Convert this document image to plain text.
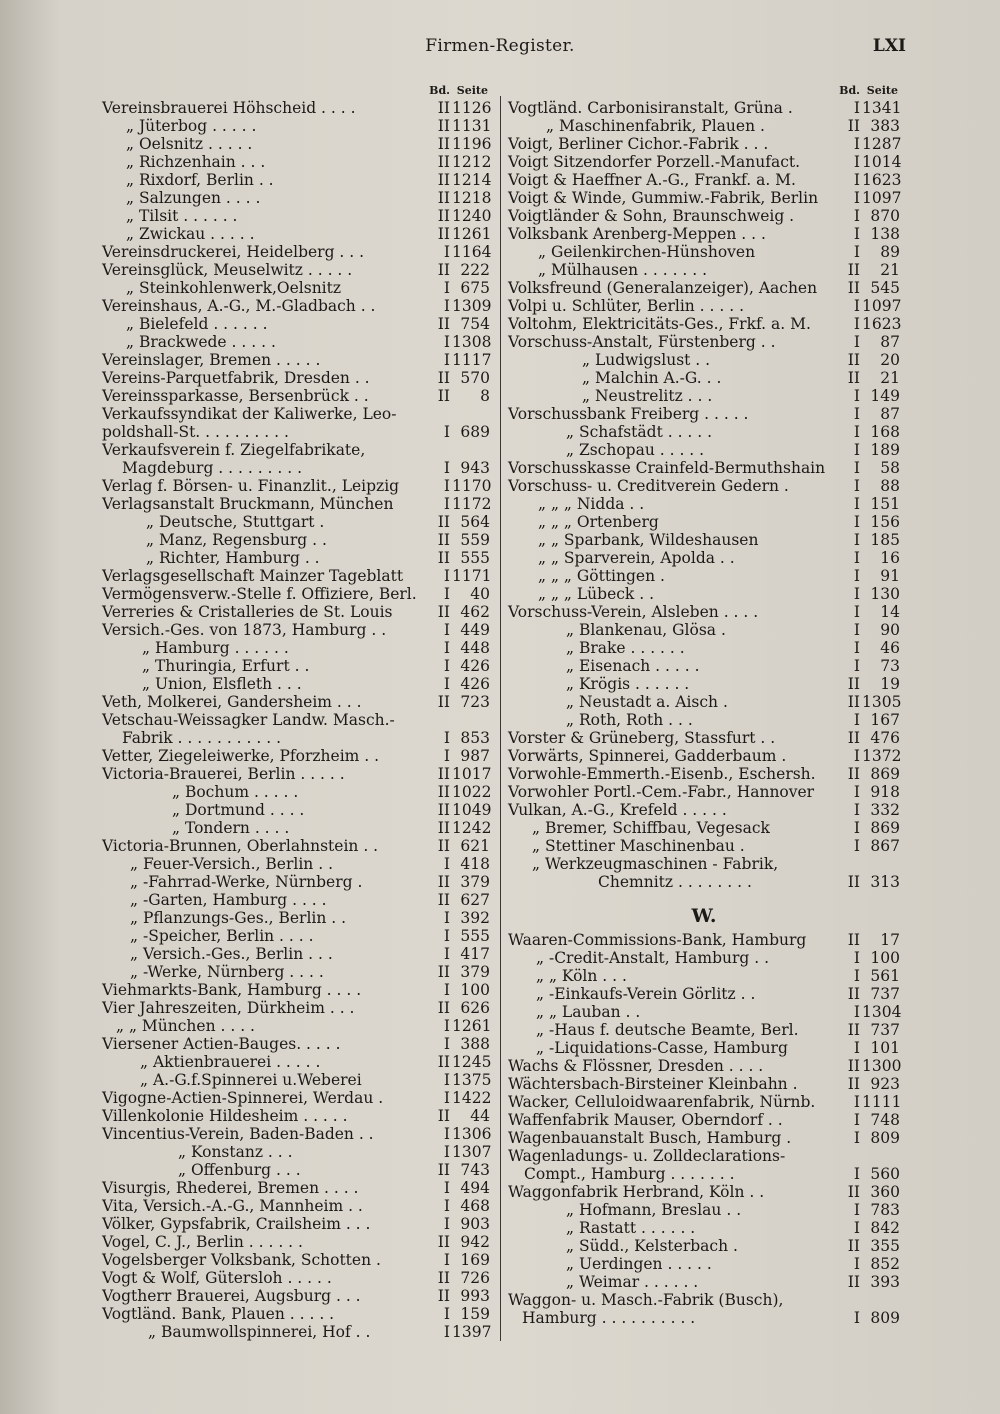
Firmen-Register.	LXI
Bd. Seite
Vereinsbrauerei Höhscheid . . . .	II 1126
„ Jüterbog . . . . .	II 1131
„ Oelsnitz . . . . .	II 1196
„ Richzenhain . . .	II 1212
„ Rixdorf, Berlin . .	II 1214
„ Salzungen . . . .	II 1218
„ Tilsit . . . . . .	II 1240
„ Zwickau . . . . .	II 1261
Vereinsdruckerei, Heidelberg . . .	I 1164
Vereinsglück, Meuselwitz . . . . .	II 222
„ Steinkohlenwerk,Oelsnitz	I 675
Vereinshaus, A.-G., M.-Gladbach . .	I 1309
„ Bielefeld . . . . . .	II 754
„ Brackwede . . . . .	I 1308
Vereinslager, Bremen . . . . .	I 1117
Vereins-Parquetfabrik, Dresden . .	II 570
Vereinssparkasse, Bersenbrück . .	II	8
Verkaufssyndikat der Kaliwerke, Leo-
poldshall-St. . . . . . . . . .	I 689
Verkaufsverein f. Ziegelfabrikate,
Magdeburg . . . . . . . . .	I 943
Verlag f. Börsen- u. Finanzlit., Leipzig	I 1170
Verlagsanstalt Bruckmann, München	I 1172
„ Deutsche, Stuttgart .	II 564
„ Manz, Regensburg . .	II 559
„ Richter, Hamburg . .	II 555
Verlagsgesellschaft Mainzer Tageblatt	I 1171
Vermögensverw.-Stelle f. Offiziere, Berl. I	40
Verreries & Cristalleries de St. Louis	II 462
Versich.-Ges. von 1873, Hamburg . .	I 449
„ Hamburg . . . . . .	I 448
„ Thuringia, Erfurt . .	I 426
„ Union, Elsfleth . . .	I 426
Veth, Molkerei, Gandersheim . . .	II 723
Vetschau-Weissagker Landw. Masch.-
Fabrik . . . . . . . . . . .	I 853
Vetter, Ziegeleiwerke, Pforzheim . .	I 987
Victoria-Brauerei, Berlin . . . . .	II 1017
„ Bochum . . . . .	II 1022
„ Dortmund . . . .	II 1049
„ Tondern . . . .	II 1242
Victoria-Brunnen, Oberlahnstein . .	II 621
„ Feuer-Versich., Berlin . .	I 418
„ -Fahrrad-Werke, Nürnberg .	II 379
„ -Garten, Hamburg . . . .	II 627
„ Pflanzungs-Ges., Berlin . .	I 392
„ -Speicher, Berlin . . . .	I 555
„ Versich.-Ges., Berlin . . .	I 417
„ -Werke, Nürnberg . . . .	II 379
Viehmarkts-Bank, Hamburg . . . .	I 100
Vier Jahreszeiten, Dürkheim . . .	II 626
„ „ München . . . .	I 1261
Viersener Actien-Bauges. . . . .	I 388
„ Aktienbrauerei . . . . .	II 1245
„ A.-G.f.Spinnerei u.Weberei	I 1375
Vigogne-Actien-Spinnerei, Werdau .	I 1422
Villenkolonie Hildesheim . . . . .	II	44
Vincentius-Verein, Baden-Baden . .	I 1306
„ Konstanz . . .	I 1307
„ Offenburg . . .	II 743
Visurgis, Rhederei, Bremen . . . .	I 494
Vita, Versich.-A.-G., Mannheim . .	I 468
Völker, Gypsfabrik, Crailsheim . . .	I 903
Vogel, C. J., Berlin . . . . . .	II 942
Vogelsberger Volksbank, Schotten .	I 169
Vogt & Wolf, Gütersloh . . . . .	II 726
Vogtherr Brauerei, Augsburg . . .	II 993
Vogtländ. Bank, Plauen . . . . .	I 159
„ Baumwollspinnerei, Hof . .	I 1397
Bd. Seite
Vogtländ. Carbonisiranstalt, Grüna .	I 1341
„ Maschinenfabrik, Plauen .	II 383
Voigt, Berliner Cichor.-Fabrik . . .	I 1287
Voigt Sitzendorfer Porzell.-Manufact.	I 1014
Voigt & Haeffner A.-G., Frankf. a. M.	I 1623
Voigt & Winde, Gummiw.-Fabrik, Berlin I 1097
Voigtländer & Sohn, Braunschweig .	I 870
Volksbank Arenberg-Meppen . . .	I 138
„ Geilenkirchen-Hünshoven	I	89
„ Mülhausen . . . . . . .	II	21
Volksfreund (Generalanzeiger), Aachen II 545
Volpi u. Schlüter, Berlin . . . . .	I 1097
Voltohm, Elektricitäts-Ges., Frkf. a. M.	I 1623
Vorschuss-Anstalt, Fürstenberg . .	I	87
„ Ludwigslust . .	II	20
„ Malchin A.-G. . .	II	21
„ Neustrelitz . . .	I 149
Vorschussbank Freiberg . . . . .	I	87
„ Schafstädt . . . . .	I 168
„ Zschopau . . . . .	I 189
Vorschusskasse Crainfeld-Bermuthshain I	58
Vorschuss- u. Creditverein Gedern .	I	88
„ „ „ Nidda . .	I 151
„ „ „ Ortenberg	I 156
„ „ Sparbank, Wildeshausen	I 185
„ „ Sparverein, Apolda . .	I	16
„ „ „ Göttingen .	I	91
„ „ „ Lübeck . .	I 130
Vorschuss-Verein, Alsleben . . . .	I	14
„ Blankenau, Glösa .	I	90
„ Brake . . . . . .	I	46
„ Eisenach . . . . .	I	73
„ Krögis . . . . . .	II	19
„ Neustadt a. Aisch .	II 1305
„ Roth, Roth . . .	I 167
Vorster & Grüneberg, Stassfurt . .	II 476
Vorwärts, Spinnerei, Gadderbaum .	I 1372
Vorwohle-Emmerth.-Eisenb., Eschersh. II 869
Vorwohler Portl.-Cem.-Fabr., Hannover	I 918
Vulkan, A.-G., Krefeld . . . . .	I 332
„ Bremer, Schiffbau, Vegesack	I 869
„ Stettiner Maschinenbau .	I 867
„ Werkzeugmaschinen - Fabrik,
Chemnitz . . . . . . . .	II 313
W.
Waaren-Commissions-Bank, Hamburg	II	17
„ -Credit-Anstalt, Hamburg . .	I 100
„ „ Köln . . .	I 561
„ -Einkaufs-Verein Görlitz . .	II 737
„ „ Lauban . .	I 1304
„ -Haus f. deutsche Beamte, Berl.	II 737
„ -Liquidations-Casse, Hamburg	I 101
Wachs & Flössner, Dresden . . . .	II 1300
Wächtersbach-Birsteiner Kleinbahn .	II 923
Wacker, Celluloidwaarenfabrik, Nürnb. I 1111
Waffenfabrik Mauser, Oberndorf . .	I 748
Wagenbauanstalt Busch, Hamburg .	I 809
Wagenladungs- u. Zolldeclarations-
Compt., Hamburg . . . . . . .	I 560
Waggonfabrik Herbrand, Köln . .	II 360
„ Hofmann, Breslau . .	I 783
„ Rastatt . . . . . .	I 842
„ Südd., Kelsterbach .	II 355
„ Uerdingen . . . . .	I 852
„ Weimar . . . . . .	II 393
Waggon- u. Masch.-Fabrik (Busch),
Hamburg . . . . . . . . . .	I 809
